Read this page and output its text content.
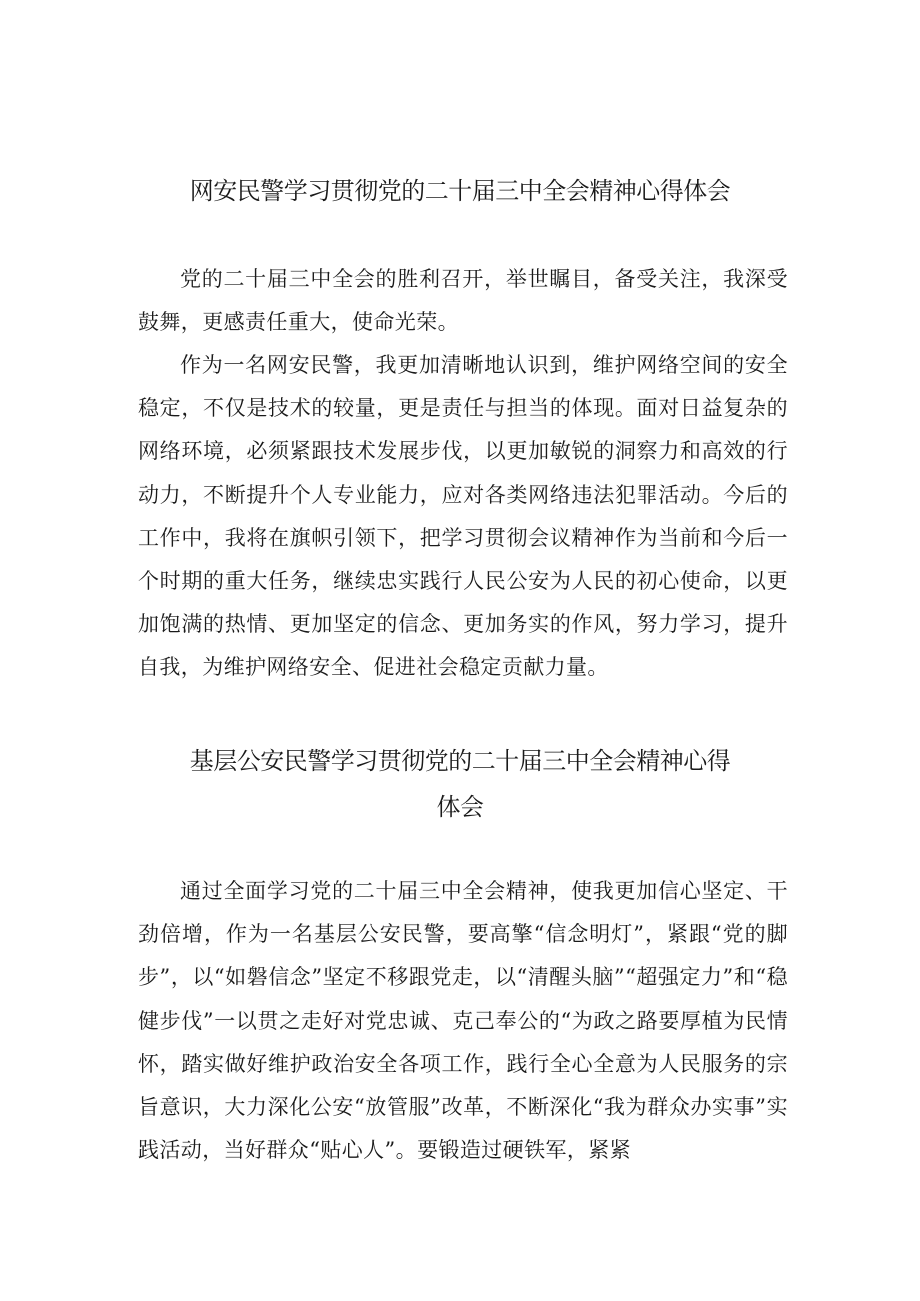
网安民警学习贯彻党的二十届三中全会精神心得体会

党的二十届三中全会的胜利召开，举世瞩目，备受关注，我深受鼓舞，更感责任重大，使命光荣。

作为一名网安民警，我更加清晰地认识到，维护网络空间的安全稳定，不仅是技术的较量，更是责任与担当的体现。面对日益复杂的网络环境，必须紧跟技术发展步伐，以更加敏锐的洞察力和高效的行动力，不断提升个人专业能力，应对各类网络违法犯罪活动。今后的工作中，我将在旗帜引领下，把学习贯彻会议精神作为当前和今后一个时期的重大任务，继续忠实践行人民公安为人民的初心使命，以更加饱满的热情、更加坚定的信念、更加务实的作风，努力学习，提升自我，为维护网络安全、促进社会稳定贡献力量。

基层公安民警学习贯彻党的二十届三中全会精神心得
体会

通过全面学习党的二十届三中全会精神，使我更加信心坚定、干劲倍增，作为一名基层公安民警，要高擎“信念明灯”，紧跟“党的脚步”，以“如磐信念”坚定不移跟党走，以“清醒头脑”“超强定力”和“稳健步伐”一以贯之走好对党忠诚、克己奉公的“为政之路要厚植为民情怀，踏实做好维护政治安全各项工作，践行全心全意为人民服务的宗旨意识，大力深化公安“放管服”改革，不断深化“我为群众办实事”实践活动，当好群众“贴心人”。要锻造过硬铁军，紧紧
